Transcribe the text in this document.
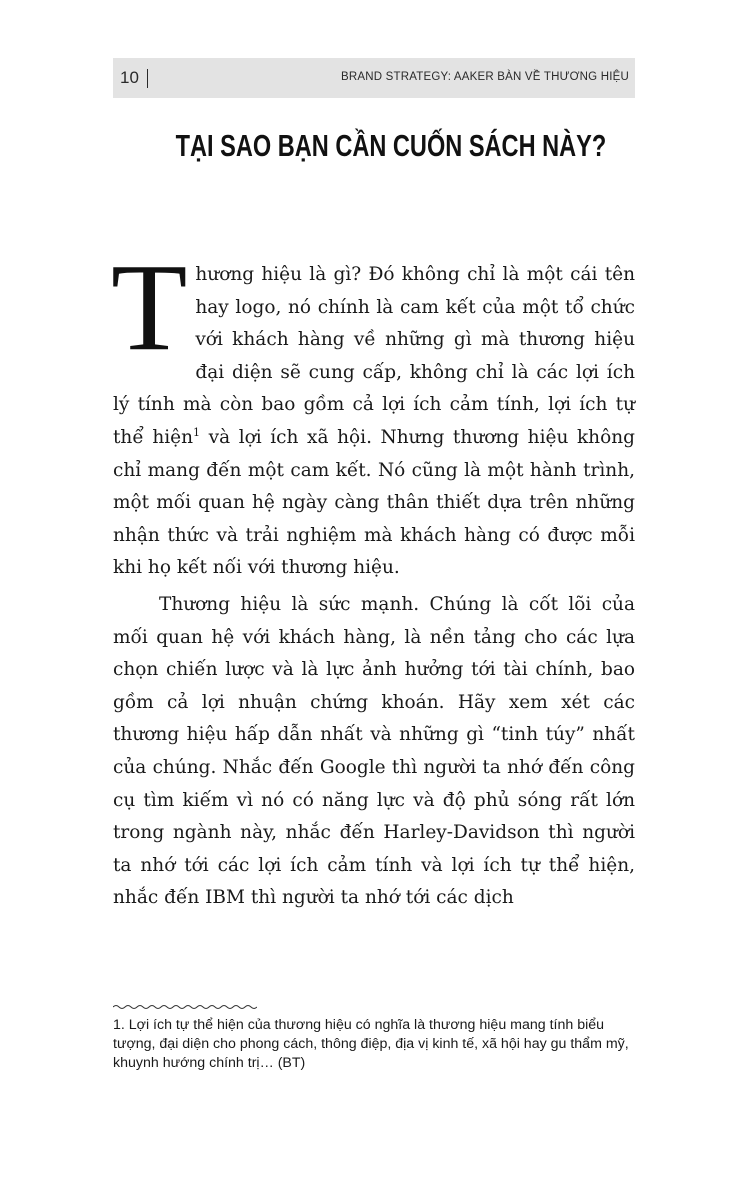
10	BRAND STRATEGY: AAKER BÀN VỀ THƯƠNG HIỆU
TẠI SAO BẠN CẦN CUỐN SÁCH NÀY?

Thương hiệu là gì? Đó không chỉ là một cái tên hay logo, nó chính là cam kết của một tổ chức với khách hàng về những gì mà thương hiệu đại diện sẽ cung cấp, không chỉ là các lợi ích lý tính mà còn bao gồm cả lợi ích cảm tính, lợi ích tự thể hiện$^1$ và lợi ích xã hội. Nhưng thương hiệu không chỉ mang đến một cam kết. Nó cũng là một hành trình, một mối quan hệ ngày càng thân thiết dựa trên những nhận thức và trải nghiệm mà khách hàng có được mỗi khi họ kết nối với thương hiệu.

Thương hiệu là sức mạnh. Chúng là cốt lõi của mối quan hệ với khách hàng, là nền tảng cho các lựa chọn chiến lược và là lực ảnh hưởng tới tài chính, bao gồm cả lợi nhuận chứng khoán. Hãy xem xét các thương hiệu hấp dẫn nhất và những gì “tinh túy” nhất của chúng. Nhắc đến Google thì người ta nhớ đến công cụ tìm kiếm vì nó có năng lực và độ phủ sóng rất lớn trong ngành này, nhắc đến Harley-Davidson thì người ta nhớ tới các lợi ích cảm tính và lợi ích tự thể hiện, nhắc đến IBM thì người ta nhớ tới các dịch

1. Lợi ích tự thể hiện của thương hiệu có nghĩa là thương hiệu mang tính biểu tượng, đại diện cho phong cách, thông điệp, địa vị kinh tế, xã hội hay gu thẩm mỹ, khuynh hướng chính trị… (BT)
